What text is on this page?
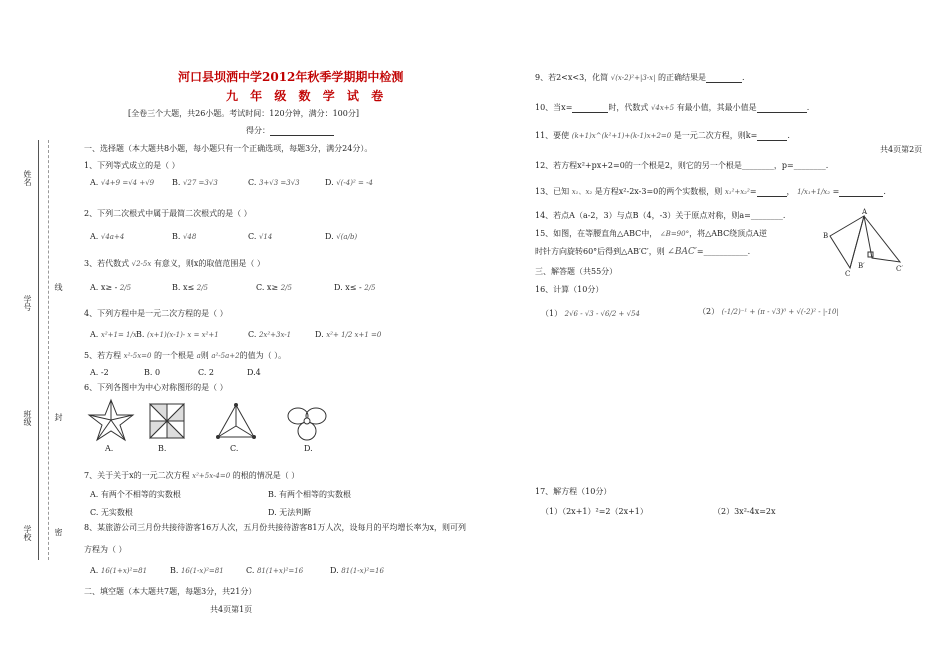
姓名
学号
班级
学校
线
封
密
河口县坝洒中学2012年秋季学期期中检测
九 年 级 数 学 试 卷
[全卷三个大题，共26小题。考试时间：120分钟，满分：100分]
得分：
一、选择题（本大题共8小题，每小题只有一个正确选项，每题3分，满分24分）。
1、下列等式成立的是（ ）
A. √4+9 =√4 +√9 B. √27 =3√3	C. 3+√3 =3√3	D. √(-4)² = -4
2、下列二次根式中属于最简二次根式的是（ ）
A. √4a+4	B. √48	C. √14	D. √(a/b)
3、若代数式 √2-5x 有意义，则x的取值范围是（ ）
A. x≥ - 2/5	B. x≤ 2/5	C. x≥ 2/5	D. x≤ - 2/5
4、下列方程中是一元二次方程的是（ ）
A. x²+1= 1/x B. (x+1)(x-1)- x = x²+1	C. 2x²+3x-1	D. x²+ 1/2 x+1 =0
5、若方程 x²-5x=0 的一个根是 a则 a²-5a+2的值为（ ）。
A. -2	B. 0	C. 2	D.4
6、下列各图中为中心对称图形的是（ ）
A.	B.	C.	D.
7、关于关于x的一元二次方程 x²+5x-4=0 的根的情况是（ ）
A. 有两个不相等的实数根	B. 有两个相等的实数根
C. 无实数根	D. 无法判断
8、某旅游公司三月份共接待游客16万人次，五月份共接待游客81万人次，设每月的平均增长率为x，则可列
方程为（ ）
A. 16(1+x)²=81	B. 16(1-x)²=81	C. 81(1+x)²=16	D. 81(1-x)²=16
二、填空题（本大题共7题，每题3分，共21分）
共4页第1页
9、若2<x<3，化简 √(x-2)²+|3-x| 的正确结果是	.
10、当x=	时，代数式 √4x+5 有最小值，其最小值是	.
11、要使 (k+1)x^(k²+1)+(k-1)x+2=0 是一元二次方程，则k=	.
共4页第2页
12、若方程x²+px+2=0的一个根是2，则它的另一个根是________，p=________.
13、已知 x₁、x₂ 是方程x²-2x-3=0的两个实数根，则 x₁²+x₂²=	， 1/x₁+1/x₂ =	.
14、若点A（a-2，3）与点B（4，-3）关于原点对称，则a=________.
15、如图，在等腰直角△ABC中， ∠B=90°，将△ABC绕顶点A逆
时针方向旋转60°后得到△AB′C′，则 ∠BAC′=___________.
A
B
B′
C
C′
三、解答题（共55分）
16、计算（10分）
（1） 2√6 - √3 - √6/2 + √54	（2） (-1/2)⁻¹ + (π - √3)⁰ + √(-2)² - |-10|
17、解方程（10分）
（1）（2x+1）²=2（2x+1）	（2）3x²-4x=2x
